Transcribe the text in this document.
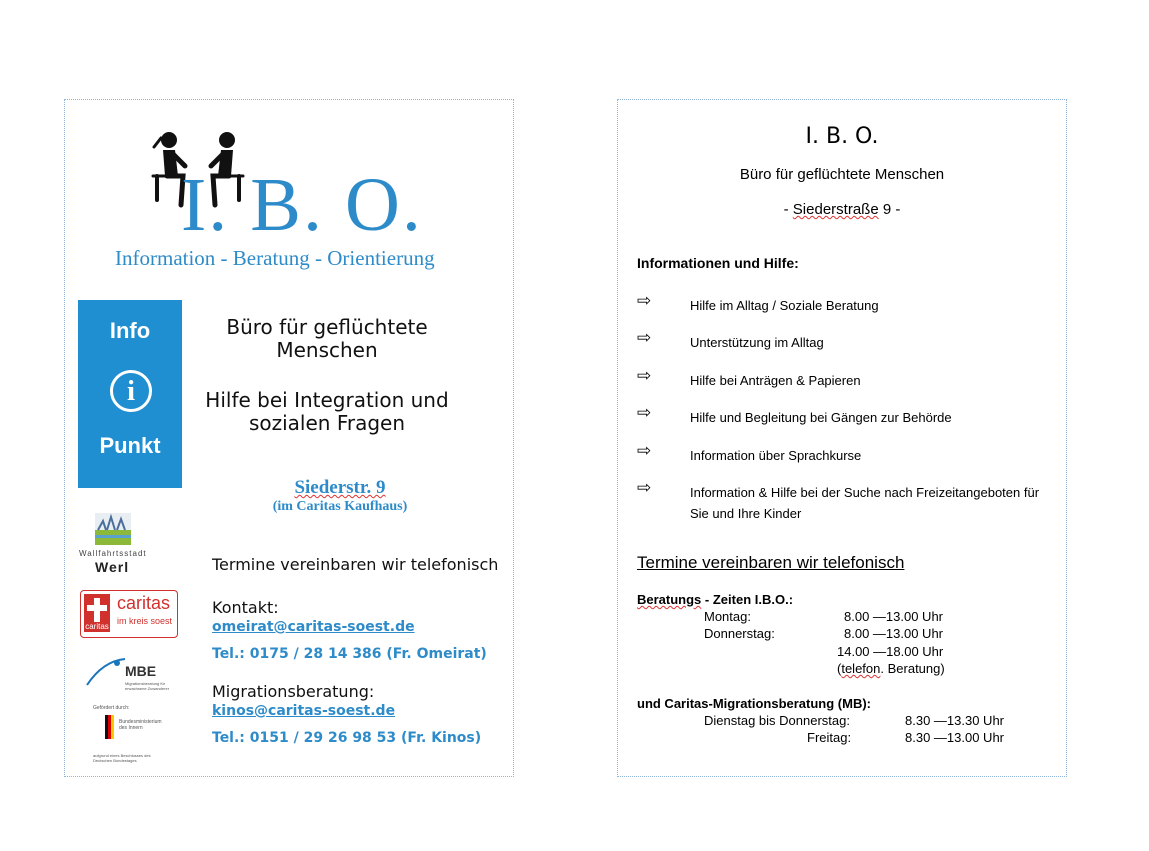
I. B. O.
Information - Beratung - Orientierung
Info
i
Punkt
Büro für geflüchtete Menschen
Hilfe bei Integration und sozialen Fragen
Siederstr. 9
(im Caritas Kaufhaus)
Wallfahrtsstadt
Werl
caritas
caritas
im kreis soest
MBE
Migrationsberatung für erwachsene Zuwanderer
Gefördert durch:
Bundesministerium des Innern
aufgrund eines Beschlusses des Deutschen Bundestages
Termine vereinbaren wir telefonisch
Kontakt:
omeirat@caritas-soest.de
Tel.: 0175 / 28 14 386 (Fr. Omeirat)
Migrationsberatung:
kinos@caritas-soest.de
Tel.: 0151 / 29 26 98 53 (Fr. Kinos)
I. B. O.
Büro für geflüchtete Menschen
- Siederstraße 9 -
Informationen und Hilfe:
⇨	Hilfe im Alltag / Soziale Beratung
⇨	Unterstützung im Alltag
⇨	Hilfe bei Anträgen & Papieren
⇨	Hilfe und Begleitung bei Gängen zur Behörde
⇨	Information über Sprachkurse
⇨	Information & Hilfe bei der Suche nach Freizeitangeboten für Sie und Ihre Kinder
Termine vereinbaren wir telefonisch
Beratungs - Zeiten I.B.O.:
Montag:	8.00 —13.00 Uhr
Donnerstag:	8.00 —13.00 Uhr
14.00 —18.00 Uhr
(telefon. Beratung)
und Caritas-Migrationsberatung (MB):
Dienstag bis Donnerstag:	8.30 —13.30 Uhr
Freitag:	8.30 —13.00 Uhr
